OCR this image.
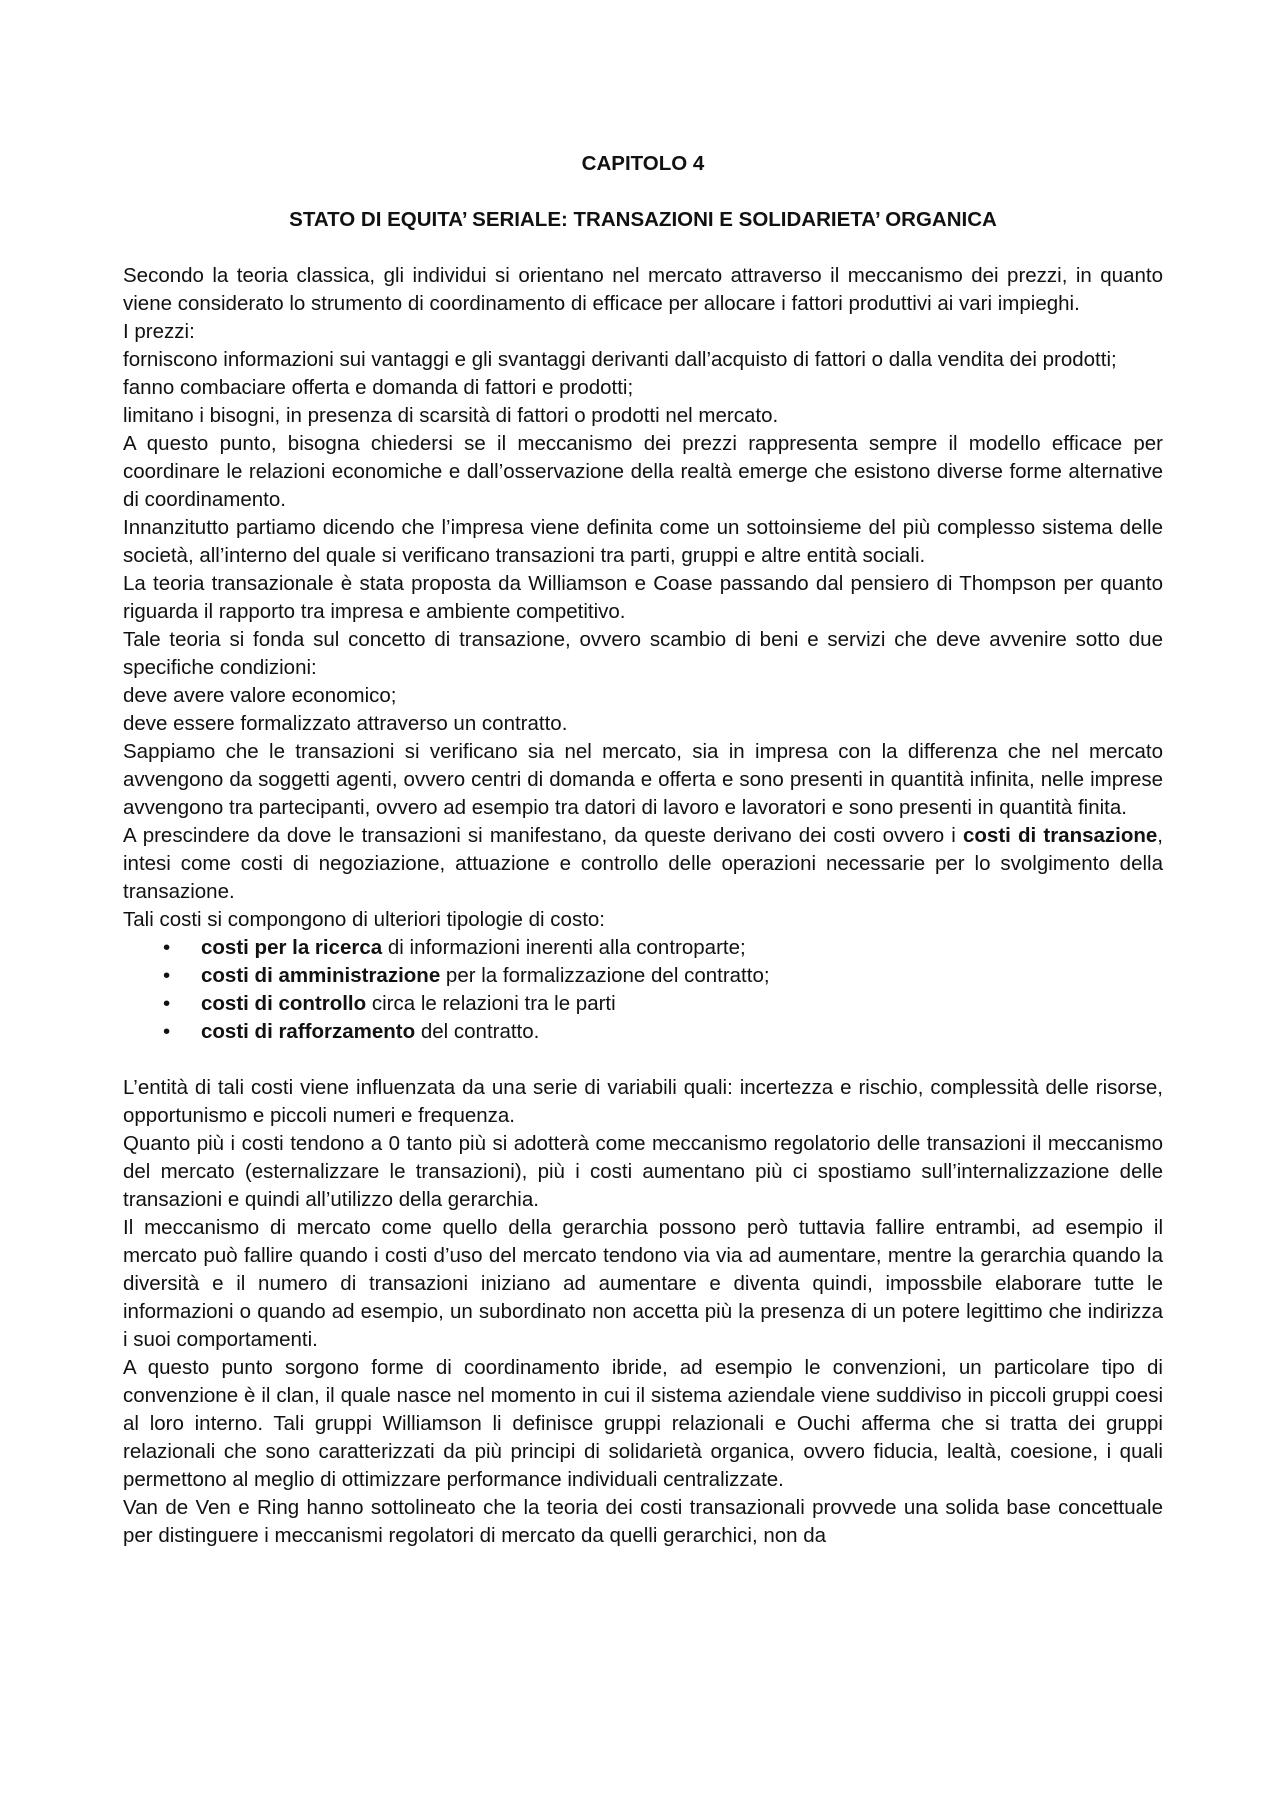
CAPITOLO 4
STATO DI EQUITA’ SERIALE: TRANSAZIONI E SOLIDARIETA’ ORGANICA

Secondo la teoria classica, gli individui si orientano nel mercato attraverso il meccanismo dei prezzi, in quanto viene considerato lo strumento di coordinamento di efficace per allocare i fattori produttivi ai vari impieghi.

I prezzi:

forniscono informazioni sui vantaggi e gli svantaggi derivanti dall’acquisto di fattori o dalla vendita dei prodotti;

fanno combaciare offerta e domanda di fattori e prodotti;

limitano i bisogni, in presenza di scarsità di fattori o prodotti nel mercato.

A questo punto, bisogna chiedersi se il meccanismo dei prezzi rappresenta sempre il modello efficace per coordinare le relazioni economiche e dall’osservazione della realtà emerge che esistono diverse forme alternative di coordinamento.

Innanzitutto partiamo dicendo che l’impresa viene definita come un sottoinsieme del più complesso sistema delle società, all’interno del quale si verificano transazioni tra parti, gruppi e altre entità sociali.

La teoria transazionale è stata proposta da Williamson e Coase passando dal pensiero di Thompson per quanto riguarda il rapporto tra impresa e ambiente competitivo.

Tale teoria si fonda sul concetto di transazione, ovvero scambio di beni e servizi che deve avvenire sotto due specifiche condizioni:

deve avere valore economico;

deve essere formalizzato attraverso un contratto.

Sappiamo che le transazioni si verificano sia nel mercato, sia in impresa con la differenza che nel mercato avvengono da soggetti agenti, ovvero centri di domanda e offerta e sono presenti in quantità infinita, nelle imprese avvengono tra partecipanti, ovvero ad esempio tra datori di lavoro e lavoratori e sono presenti in quantità finita.

A prescindere da dove le transazioni si manifestano, da queste derivano dei costi ovvero i costi di transazione, intesi come costi di negoziazione, attuazione e controllo delle operazioni necessarie per lo svolgimento della transazione.

Tali costi si compongono di ulteriori tipologie di costo:

• costi per la ricerca di informazioni inerenti alla controparte;
• costi di amministrazione per la formalizzazione del contratto;
• costi di controllo circa le relazioni tra le parti
• costi di rafforzamento del contratto.

L’entità di tali costi viene influenzata da una serie di variabili quali: incertezza e rischio, complessità delle risorse, opportunismo e piccoli numeri e frequenza.

Quanto più i costi tendono a 0 tanto più si adotterà come meccanismo regolatorio delle transazioni il meccanismo del mercato (esternalizzare le transazioni), più i costi aumentano più ci spostiamo sull’internalizzazione delle transazioni e quindi all’utilizzo della gerarchia.

Il meccanismo di mercato come quello della gerarchia possono però tuttavia fallire entrambi, ad esempio il mercato può fallire quando i costi d’uso del mercato tendono via via ad aumentare, mentre la gerarchia quando la diversità e il numero di transazioni iniziano ad aumentare e diventa quindi, impossbile elaborare tutte le informazioni o quando ad esempio, un subordinato non accetta più la presenza di un potere legittimo che indirizza i suoi comportamenti.

A questo punto sorgono forme di coordinamento ibride, ad esempio le convenzioni, un particolare tipo di convenzione è il clan, il quale nasce nel momento in cui il sistema aziendale viene suddiviso in piccoli gruppi coesi al loro interno. Tali gruppi Williamson li definisce gruppi relazionali e Ouchi afferma che si tratta dei gruppi relazionali che sono caratterizzati da più principi di solidarietà organica, ovvero fiducia, lealtà, coesione, i quali permettono al meglio di ottimizzare performance individuali centralizzate.

Van de Ven e Ring hanno sottolineato che la teoria dei costi transazionali provvede una solida base concettuale per distinguere i meccanismi regolatori di mercato da quelli gerarchici, non da
